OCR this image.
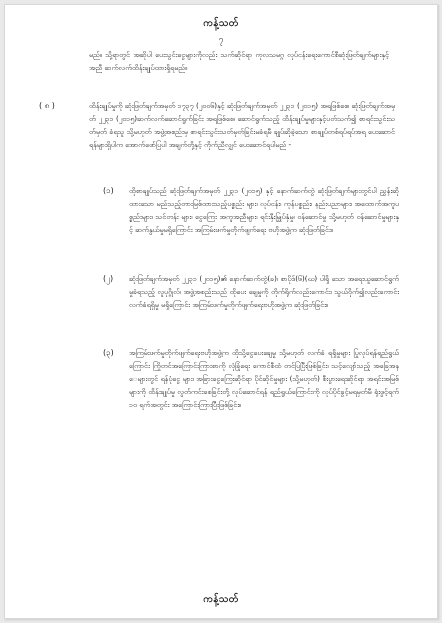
ကန့်သတ်
၇

မည်။ သို့ရာတွင် အဆိုပါ ပေးသွင်းငွေများကိုလည်း သက်ဆိုင်ရာ ကုလသမဂ္ဂ လုပ်ငန်းရေးကောင်စီဆုံးဖြတ်ချက်များနှင့်အညီ ဆက်လက်ထိန်းချုပ်ထားရှိရမည်။

( ၈ )	ထိန်းချုပ်မှုကို ဆုံးဖြတ်ချက်အမှတ် ၁၇၃၇ (၂၀၀၆)နှင့် ဆုံးဖြတ်ချက်အမှတ် ၂၂၃၁ (၂၀၁၅) အရဖြစ်စေ၊ ဆုံးဖြတ်ချက်အမှတ် ၂၂၃၁ (၂၀၁၅)ဆက်လက်ဆောင်ရွက်ခြင်း အရဖြစ်စေ၊ ဆောင်ရွက်သည့် ထိန်းချုပ်မှုများနှင့်ပတ်သက်၍ စာရင်းသွင်းသတ်မှတ် ခံရသူ သို့မဟုတ် အဖွဲ့အစည်းမှ စာရင်းသွင်းသတ်မှတ်ခြင်းမခံရမီ ချုပ်ဆိုခဲ့သော စာချုပ်တစ်ရပ်ရပ်အရ ပေးဆောင်ရန်များရှိပါက အောက်ဖော်ပြပါ အချက်တို့နှင့် ကိုက်ညီလျှင် ပေးဆောင်ရပါမည် -

(၁) ထိုစာချုပ်သည် ဆုံးဖြတ်ချက်အမှတ် ၂၂၃၁ (၂၀၁၅) နှင့် နောက်ဆက်တွဲ ဆုံးဖြတ်ချက်များတွင်ပါ ညွှန်းဆိုထားသော မည်သည့်တားမြစ်ထားသည့်ပစ္စည်း များ၊ လုပ်ငန်း၊ ကုန်ပစ္စည်း၊ နည်းပညာများ၊ အထောက်အကူပစ္စည်းများ၊ သင်တန်း များ၊ ငွေကြေး အကူအညီများ၊ ရင်းနှီးမြှုပ်နှံမှု၊ ဝန်ဆောင်မှု သို့မဟုတ် ဝန်ဆောင်မှုများနှင့် ဆက်နွယ်မှုမရှိကြောင်း အကြမ်းဖက်မှုတိုက်ဖျက်ရေး ဗဟိုအဖွဲ့က ဆုံးဖြတ်ခြင်း။

(၂) ဆုံးဖြတ်ချက်အမှတ် ၂၂၃၁ (၂၀၁၅)၏ နောက်ဆက်တွဲ(ခ)၊ စာပိုဒ်(၆)(ဃ) ပါရှိ သော အရေးယူဆောင်ရွက်မှုခံရသည့် လူပုဂ္ဂိုလ်၊ အဖွဲ့အစည်းသည် ထိုပေး ချေမှုကို တိုက်ရိုက်လည်းကောင်း၊ သွယ်ဝိုက်၍လည်းကောင်း လက်ခံရရှိမှု မရှိကြောင်း အကြမ်းဖက်မှုတိုက်ဖျက်ရေးဗဟိုအဖွဲ့က ဆုံးဖြတ်ခြင်း။

(၃) အကြမ်းဖက်မှုတိုက်ဖျက်ရေးဗဟိုအဖွဲ့က ထိုသို့ငွေပေးချေမှု သို့မဟုတ် လက်ခံ ရရှိမှုများ ပြုလုပ်ရန်ရည်ရွယ်ကြောင်း ကြိုတင်အကြောင်းကြားစာကို လုံခြုံရေး ကောင်စီထံ တင်ပြပြီးဖြစ်ခြင်း၊ သင့်လျော်သည့် အခြေအနေများတွင် ရန်ပုံငွေ များ၊ အခြားငွေကြေးဆိုင်ရာ ပိုင်ဆိုင်မှုများ (သို့မဟုတ်) စီးပွားရေးဆိုင်ရာ အရင်းအမြစ်များကို ထိန်းချုပ်မှု လွတ်ကင်းစေခြင်းတို့ လုပ်ဆောင်ရန် ရည်ရွယ်ကြောင်းကို လုပ်ပိုင်ခွင့်မရမှတ်မီ ရုံးဖွင့်ရက် ၁၀ ရက်အတွင်း အကြောင်းကြားပြီးဖြစ်ခြင်း။

ကန့်သတ်
